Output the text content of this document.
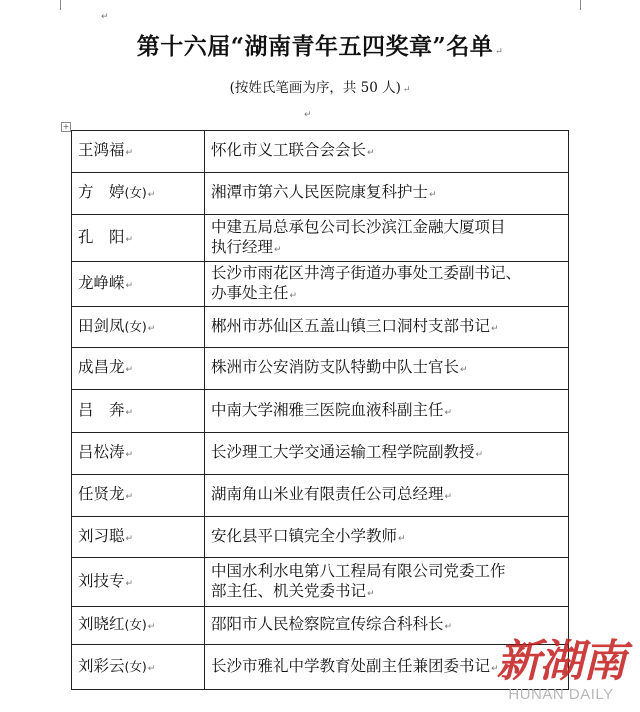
↵
第十六届“湖南青年五四奖章”名单 ↵
(按姓氏笔画为序，共 50 人) ↵
↵
+
王鸿福↵	怀化市义工联合会会长↵
方　婷(女)↵	湘潭市第六人民医院康复科护士↵
孔　阳↵	中建五局总承包公司长沙滨江金融大厦项目
执行经理↵
龙峥嵘↵	长沙市雨花区井湾子街道办事处工委副书记、
办事处主任↵
田剑凤(女)↵	郴州市苏仙区五盖山镇三口洞村支部书记↵
成昌龙↵	株洲市公安消防支队特勤中队士官长↵
吕　奔↵	中南大学湘雅三医院血液科副主任↵
吕松涛↵	长沙理工大学交通运输工程学院副教授↵
任贤龙↵	湖南角山米业有限责任公司总经理↵
刘习聪↵	安化县平口镇完全小学教师↵
刘技专↵	中国水利水电第八工程局有限公司党委工作
部主任、机关党委书记↵
刘晓红(女)↵	邵阳市人民检察院宣传综合科科长↵
刘彩云(女)↵	长沙市雅礼中学教育处副主任兼团委书记↵
新湖南
HUNAN DAILY
